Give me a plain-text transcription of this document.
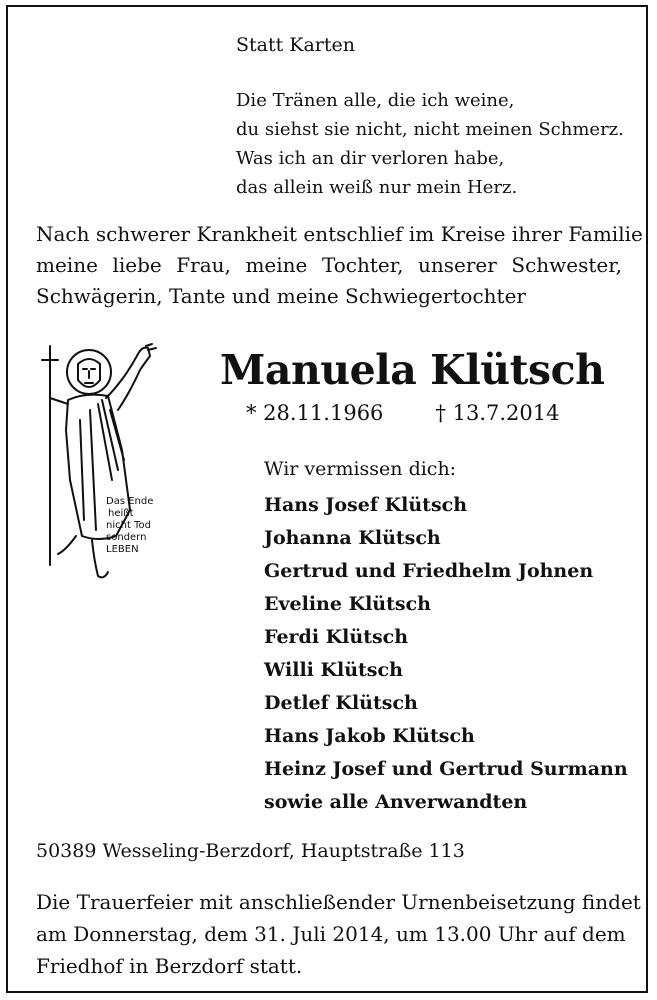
Statt Karten
Die Tränen alle, die ich weine,
du siehst sie nicht, nicht meinen Schmerz.
Was ich an dir verloren habe,
das allein weiß nur mein Herz.
Nach schwerer Krankheit entschlief im Kreise ihrer Familie
meine liebe Frau, meine Tochter, unserer Schwester,
Schwägerin, Tante und meine Schwiegertochter
Das Ende
heißt
nicht Tod
sondern
LEBEN
Manuela Klütsch
* 28.11.1966 † 13.7.2014
Wir vermissen dich:
Hans Josef Klütsch
Johanna Klütsch
Gertrud und Friedhelm Johnen
Eveline Klütsch
Ferdi Klütsch
Willi Klütsch
Detlef Klütsch
Hans Jakob Klütsch
Heinz Josef und Gertrud Surmann
sowie alle Anverwandten
50389 Wesseling-Berzdorf, Hauptstraße 113
Die Trauerfeier mit anschließender Urnenbeisetzung findet
am Donnerstag, dem 31. Juli 2014, um 13.00 Uhr auf dem
Friedhof in Berzdorf statt.
